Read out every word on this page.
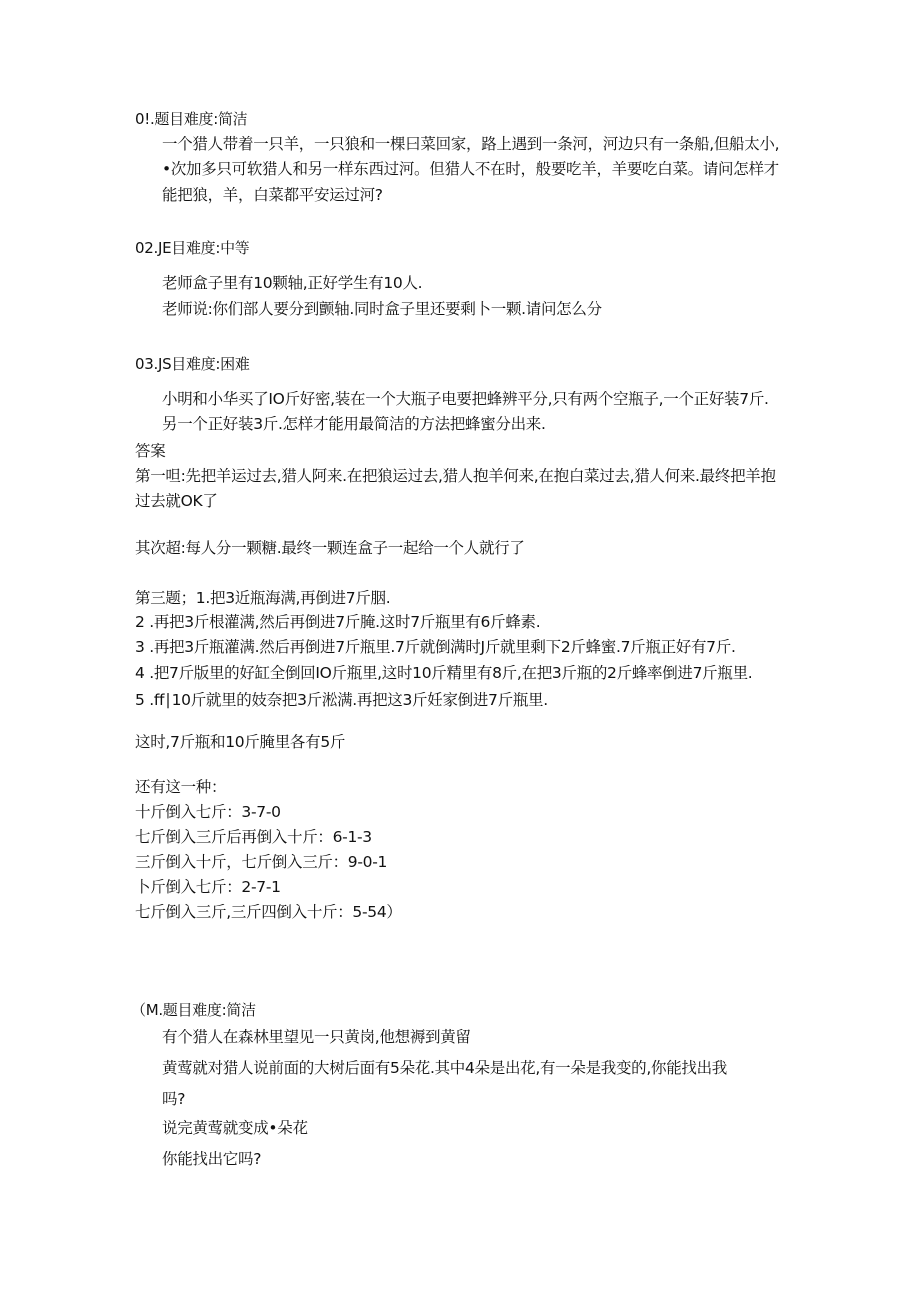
0!.题目难度:简洁
一个猎人带着一只羊，一只狼和一棵曰菜回家，路上遇到一条河，河边只有一条船,但船太小,
•次加多只可软猎人和另一样东西过河。但猎人不在时，般要吃羊，羊要吃白菜。请问怎样才
能把狼，羊，白菜都平安运过河?
02.JE目难度:中等
老师盒子里有10颗轴,正好学生有10⼈.
老师说:你们部人要分到颤轴.同时盒子里还要剩卜一颗.请问怎么分
03.JS目难度:困难
小明和小华买了IO斤好密,装在一个大瓶子电要把蜂辨平分,只有两个空瓶子,一个正好装7斤.
另一个正好装3斤.怎样才能用最简洁的方法把蜂蜜分出来.
答案
第一呾:先把羊运过去,猎人阿来.在把狼运过去,猎人抱羊何来,在抱白菜过去,猎人何来.最终把羊抱
过去就OK了
其次超:每人分一颗糖.最终一颗连盒子一起给一个人就行了
第三题；1.把3近瓶海满,再倒进7斤胭.
2 .再把3斤根灌满,然后再倒进7斤腌.这时7斤瓶里有6斤蜂素.
3 .再把3斤瓶灌满.然后再倒进7斤瓶里.7斤就倒满时J斤就里剩下2斤蜂蜜.7斤瓶正好有7斤.
4 .把7斤版里的好缸全倒回IO斤瓶里,这时10斤精里有8斤,在把3斤瓶的2斤蜂率倒进7斤瓶里.
5 .ff∣10斤就里的妓奈把3斤淞满.再把这3斤妊家倒进7斤瓶里.
这时,7斤瓶和10斤腌里各有5斤
还有这一种：
十斤倒入七斤：3-7-0
七斤倒入三斤后再倒入十斤：6-1-3
三斤倒入十斤，七斤倒入三斤：9-0-1
卜斤倒入七斤：2-7-1
七斤倒入三斤,三斤四倒入十斤：5-54）
（M.题目难度:简洁
有个猎人在森林里望见一只黄岗,他想褥到黄留
黄莺就对猎人说前面的大树后面有5朵花.其中4朵是出花,有一朵是我变的,你能找出我
吗?
说完黄莺就变成•朵花
你能找出它吗?
